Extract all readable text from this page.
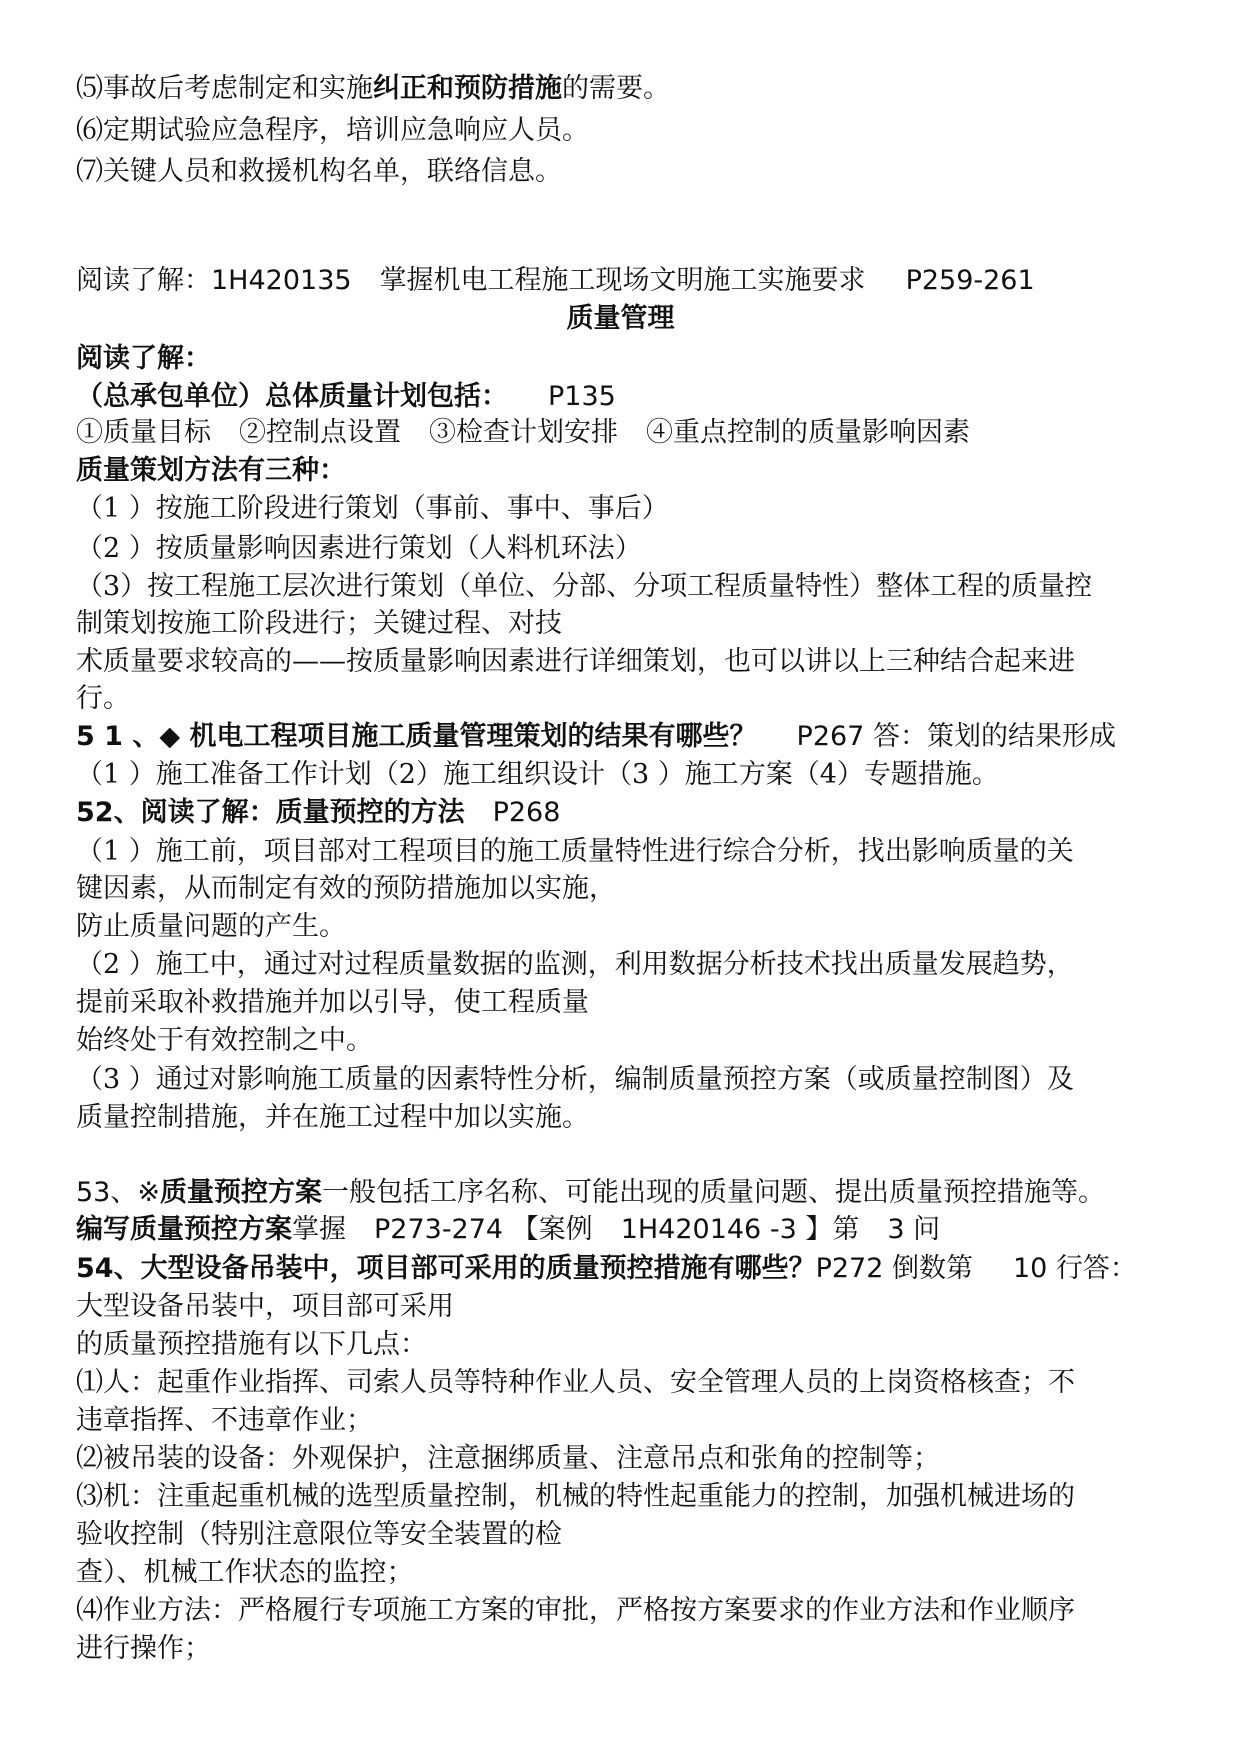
⑸事故后考虑制定和实施纠正和预防措施的需要。
⑹定期试验应急程序，培训应急响应人员。
⑺关键人员和救援机构名单，联络信息。
阅读了解：1H420135 掌握机电工程施工现场文明施工实施要求 P259-261
质量管理
阅读了解：
（总承包单位）总体质量计划包括： P135
①质量目标 ②控制点设置 ③检查计划安排 ④重点控制的质量影响因素
质量策划方法有三种：
（1 ）按施工阶段进行策划（事前、事中、事后）
（2 ）按质量影响因素进行策划（人料机环法）
（3）按工程施工层次进行策划（单位、分部、分项工程质量特性）整体工程的质量控
制策划按施工阶段进行；关键过程、对技
术质量要求较高的——按质量影响因素进行详细策划，也可以讲以上三种结合起来进
行。
5 1 、◆ 机电工程项目施工质量管理策划的结果有哪些？ P267 答：策划的结果形成
（1 ）施工准备工作计划（2）施工组织设计（3 ）施工方案（4）专题措施。
52、阅读了解：质量预控的方法 P268
（1 ）施工前，项目部对工程项目的施工质量特性进行综合分析，找出影响质量的关
键因素，从而制定有效的预防措施加以实施，
防止质量问题的产生。
（2 ）施工中，通过对过程质量数据的监测，利用数据分析技术找出质量发展趋势，
提前采取补救措施并加以引导，使工程质量
始终处于有效控制之中。
（3 ）通过对影响施工质量的因素特性分析，编制质量预控方案（或质量控制图）及
质量控制措施，并在施工过程中加以实施。
53、※质量预控方案一般包括工序名称、可能出现的质量问题、提出质量预控措施等。
编写质量预控方案掌握 P273-274 【案例 1H420146 -3 】第 3 问
54、大型设备吊装中，项目部可采用的质量预控措施有哪些？P272 倒数第 10 行答：
大型设备吊装中，项目部可采用
的质量预控措施有以下几点：
⑴人：起重作业指挥、司索人员等特种作业人员、安全管理人员的上岗资格核查；不
违章指挥、不违章作业；
⑵被吊装的设备：外观保护，注意捆绑质量、注意吊点和张角的控制等；
⑶机：注重起重机械的选型质量控制，机械的特性起重能力的控制，加强机械进场的
验收控制（特别注意限位等安全装置的检
查）、机械工作状态的监控；
⑷作业方法：严格履行专项施工方案的审批，严格按方案要求的作业方法和作业顺序
进行操作；
